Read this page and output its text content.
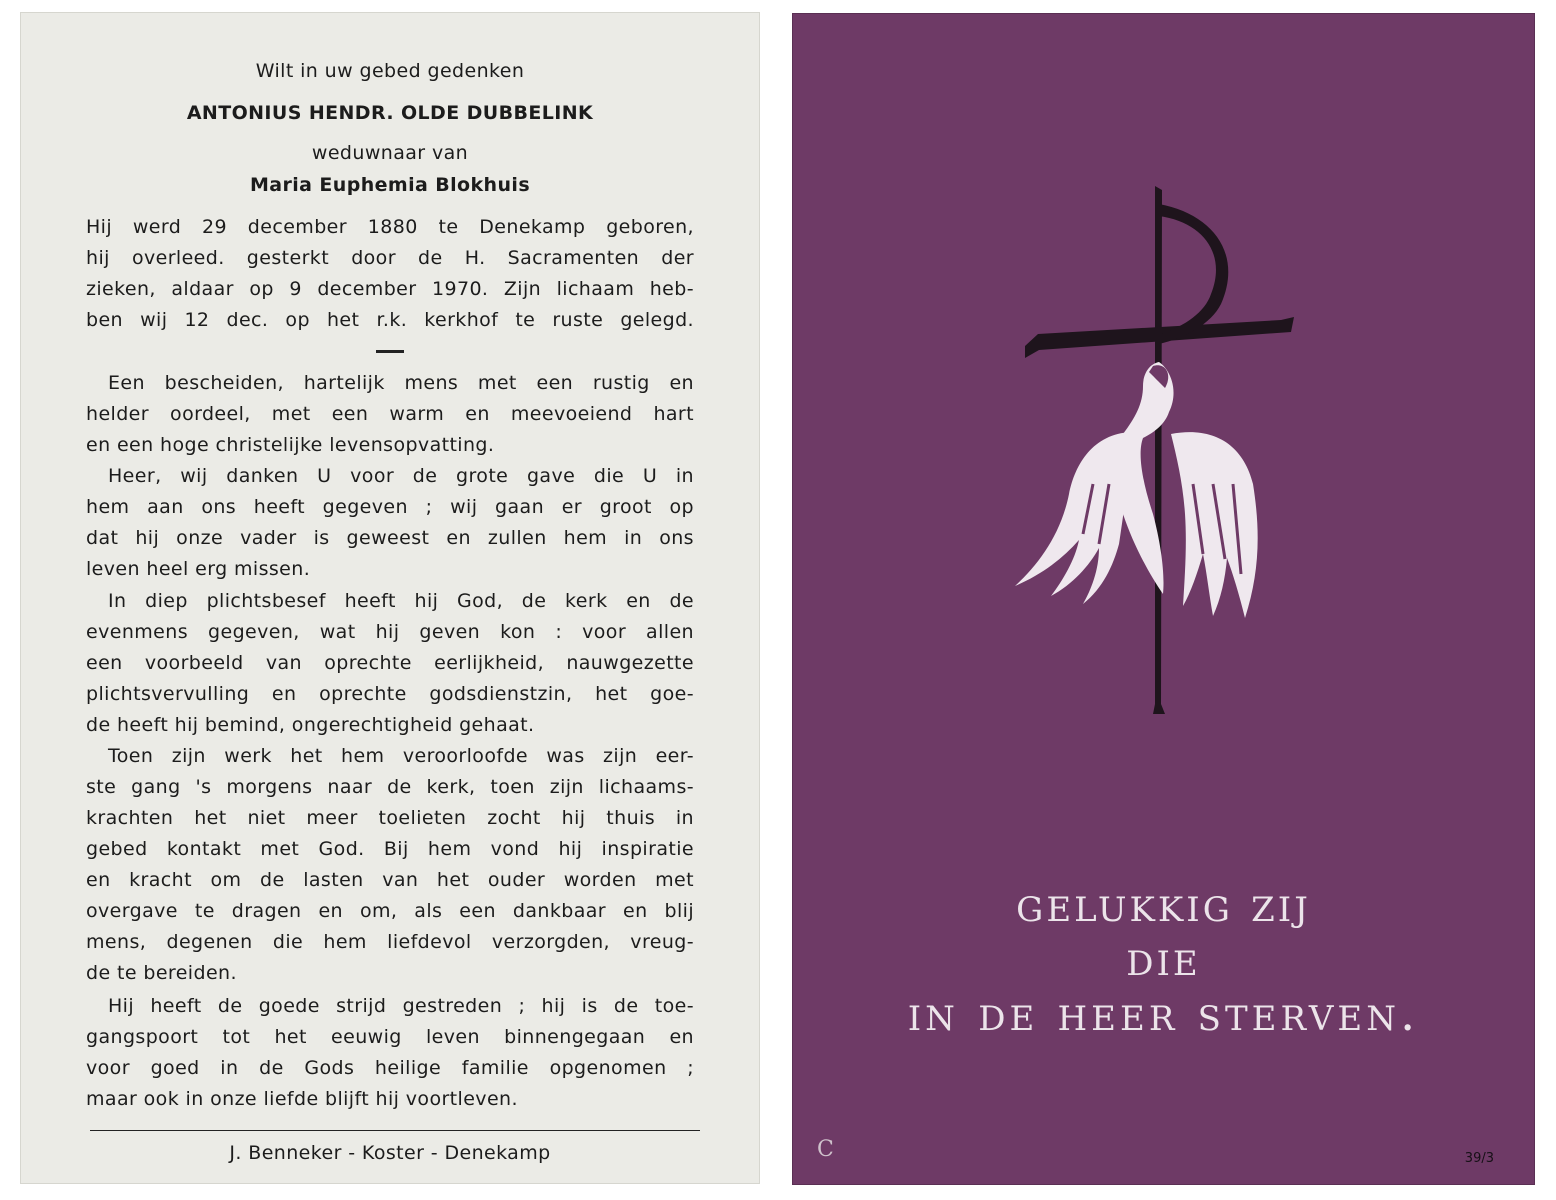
Wilt in uw gebed gedenken
ANTONIUS HENDR. OLDE DUBBELINK
weduwnaar van
Maria Euphemia Blokhuis
Hij werd 29 december 1880 te Denekamp geboren,
hij overleed. gesterkt door de H. Sacramenten der
zieken, aldaar op 9 december 1970. Zijn lichaam heb-
ben wij 12 dec. op het r.k. kerkhof te ruste gelegd.
Een bescheiden, hartelijk mens met een rustig en
helder oordeel, met een warm en meevoeiend hart
en een hoge christelijke levensopvatting.
Heer, wij danken U voor de grote gave die U in
hem aan ons heeft gegeven ; wij gaan er groot op
dat hij onze vader is geweest en zullen hem in ons
leven heel erg missen.
In diep plichtsbesef heeft hij God, de kerk en de
evenmens gegeven, wat hij geven kon : voor allen
een voorbeeld van oprechte eerlijkheid, nauwgezette
plichtsvervulling en oprechte godsdienstzin, het goe-
de heeft hij bemind, ongerechtigheid gehaat.
Toen zijn werk het hem veroorloofde was zijn eer-
ste gang 's morgens naar de kerk, toen zijn lichaams-
krachten het niet meer toelieten zocht hij thuis in
gebed kontakt met God. Bij hem vond hij inspiratie
en kracht om de lasten van het ouder worden met
overgave te dragen en om, als een dankbaar en blij
mens, degenen die hem liefdevol verzorgden, vreug-
de te bereiden.
Hij heeft de goede strijd gestreden ; hij is de toe-
gangspoort tot het eeuwig leven binnengegaan en
voor goed in de Gods heilige familie opgenomen ;
maar ook in onze liefde blijft hij voortleven.
J. Benneker - Koster - Denekamp
gelukkig zij
die
in de heer sterven.
C	39/3
